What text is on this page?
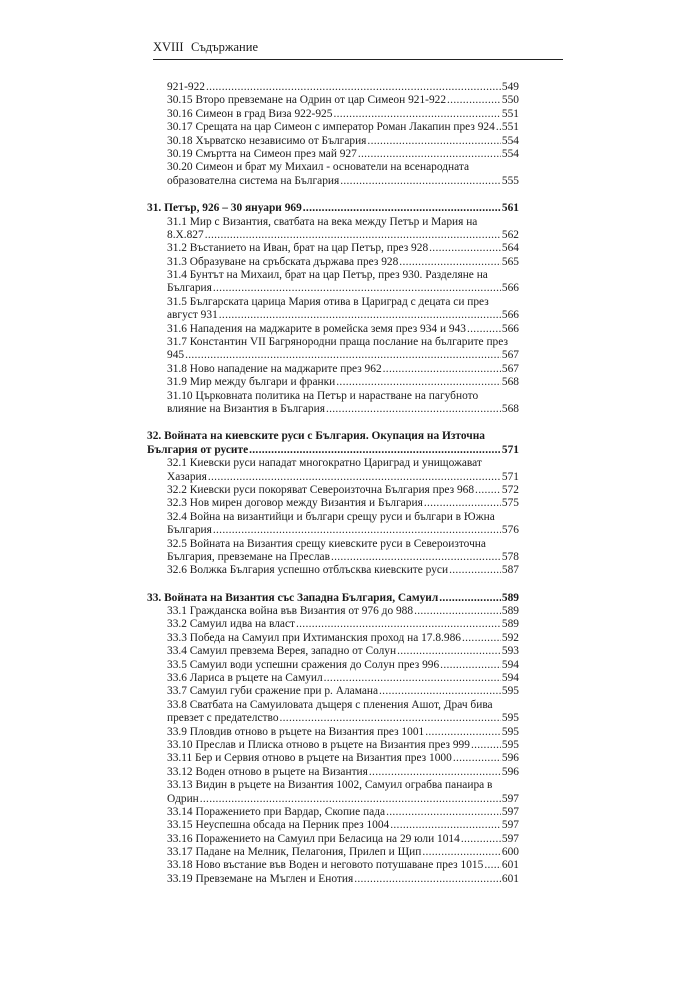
XVIII Съдържание
921-922 .....	549
30.15 Второ превземане на Одрин от цар Симеон 921-922 .....	550
30.16 Симеон в град Виза 922-925 .....	551
30.17 Срещата на цар Симеон с император Роман Лакапин през 924 ..... 551
30.18 Хърватско независимо от България .....	554
30.19 Смъртта на Симеон през май 927 .....	554
30.20 Симеон и брат му Михаил - основатели на всенародната
образователна система на България .....	555
31. Петър, 926 – 30 януари 969 .....	561
31.1 Мир с Византия, сватбата на века между Петър и Мария на
8.Х.827 .....	562
31.2 Въстанието на Иван, брат на цар Петър, през 928 .....	564
31.3 Образуване на сръбската държава през 928 .....	565
31.4 Бунтът на Михаил, брат на цар Петър, през 930. Разделяне на
България .....	566
31.5 Българската царица Мария отива в Цариград с децата си през
август 931 .....	566
31.6 Нападения на маджарите в ромейска земя през 934 и 943 .....	566
31.7 Константин VII Багрянородни праща послание на българите през
945 .....	567
31.8 Ново нападение на маджарите през 962 .....	567
31.9 Мир между българи и франки .....	568
31.10 Църковната политика на Петър и нарастване на пагубното
влияние на Византия в България .....	568
32. Войната на киевските руси с България. Окупация на Източна
България от русите .....	571
32.1 Киевски руси нападат многократно Цариград и унищожават
Хазария .....	571
32.2 Киевски руси покоряват Североизточна България през 968 ..... 572
32.3 Нов мирен договор между Византия и България .....	575
32.4 Война на византийци и българи срещу руси и българи в Южна
България .....	576
32.5 Войната на Византия срещу киевските руси в Североизточна
България, превземане на Преслав .....	578
32.6 Волжка България успешно отблъсква киевските руси .....	587
33. Войната на Византия със Западна България, Самуил .....	589
33.1 Гражданска война във Византия от 976 до 988 .....	589
33.2 Самуил идва на власт .....	589
33.3 Победа на Самуил при Ихтиманския проход на 17.8.986 .....	592
33.4 Самуил превзема Верея, западно от Солун .....	593
33.5 Самуил води успешни сражения до Солун през 996 .....	594
33.6 Лариса в ръцете на Самуил .....	594
33.7 Самуил губи сражение при р. Аламана .....	595
33.8 Сватбата на Самуиловата дъщеря с пленения Ашот, Драч бива
превзет с предателство .....	595
33.9 Пловдив отново в ръцете на Византия през 1001 .....	595
33.10 Преслав и Плиска отново в ръцете на Византия през 999 .....	595
33.11 Бер и Сервия отново в ръцете на Византия през 1000 .....	596
33.12 Воден отново в ръцете на Византия .....	596
33.13 Видин в ръцете на Византия 1002, Самуил ограбва панаира в
Одрин .....	597
33.14 Поражението при Вардар, Скопие пада .....	597
33.15 Неуспешна обсада на Перник през 1004 .....	597
33.16 Поражението на Самуил при Беласица на 29 юли 1014 .....	597
33.17 Падане на Мелник, Пелагония, Прилеп и Щип .....	600
33.18 Ново въстание във Воден и неговото потушаване през 1015 ..... 601
33.19 Превземане на Мъглен и Енотия .....	601
